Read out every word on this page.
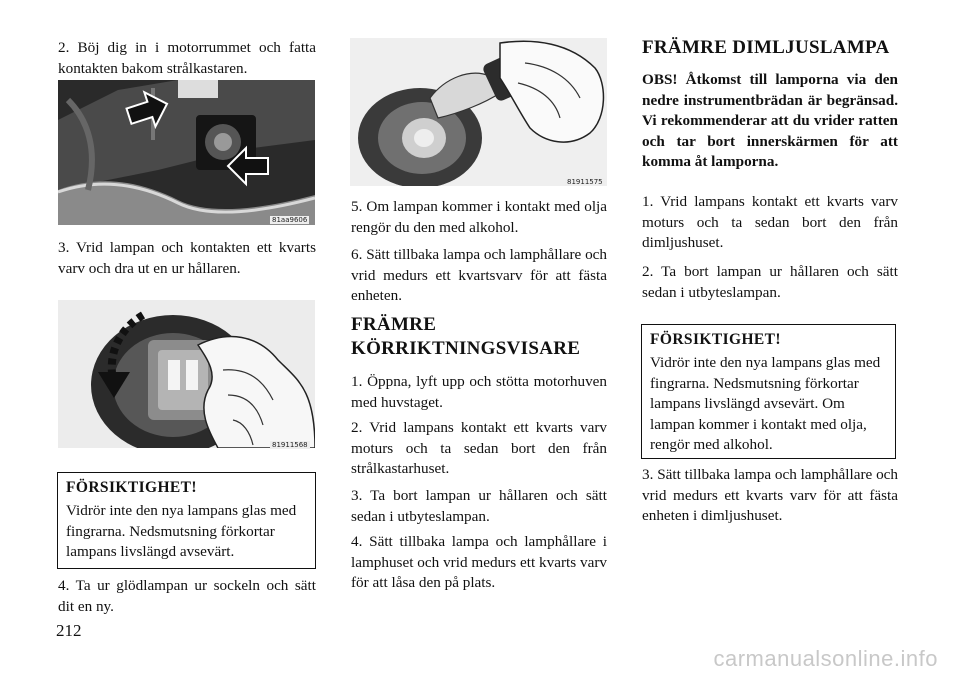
2. Böj dig in i motorrummet och fatta kontakten bakom strålkastaren.

81aa9606

3. Vrid lampan och kontakten ett kvarts varv och dra ut en ur hållaren.

81911568

FÖRSIKTIGHET!

Vidrör inte den nya lampans glas med fingrarna. Nedsmutsning förkortar lampans livslängd avsevärt.

4. Ta ur glödlampan ur sockeln och sätt dit en ny.

81911575

5. Om lampan kommer i kontakt med olja rengör du den med alkohol.

6. Sätt tillbaka lampa och lamphållare och vrid medurs ett kvartsvarv för att fästa enheten.

FRÄMRE KÖRRIKTNINGSVISARE

1. Öppna, lyft upp och stötta motorhuven med huvstaget.

2. Vrid lampans kontakt ett kvarts varv moturs och ta sedan bort den från strålkastarhuset.

3. Ta bort lampan ur hållaren och sätt sedan i utbyteslampan.

4. Sätt tillbaka lampa och lamphållare i lamphuset och vrid medurs ett kvarts varv för att låsa den på plats.

FRÄMRE DIMLJUSLAMPA

OBS! Åtkomst till lamporna via den nedre instrumentbrädan är begränsad. Vi rekommenderar att du vrider ratten och tar bort innerskärmen för att komma åt lamporna.

1. Vrid lampans kontakt ett kvarts varv moturs och ta sedan bort den från dimljushuset.

2. Ta bort lampan ur hållaren och sätt sedan i utbyteslampan.

FÖRSIKTIGHET!

Vidrör inte den nya lampans glas med fingrarna. Nedsmutsning förkortar lampans livslängd avsevärt. Om lampan kommer i kontakt med olja, rengör med alkohol.

3. Sätt tillbaka lampa och lamphållare och vrid medurs ett kvarts varv för att fästa enheten i dimljushuset.

212
carmanualsonline.info
